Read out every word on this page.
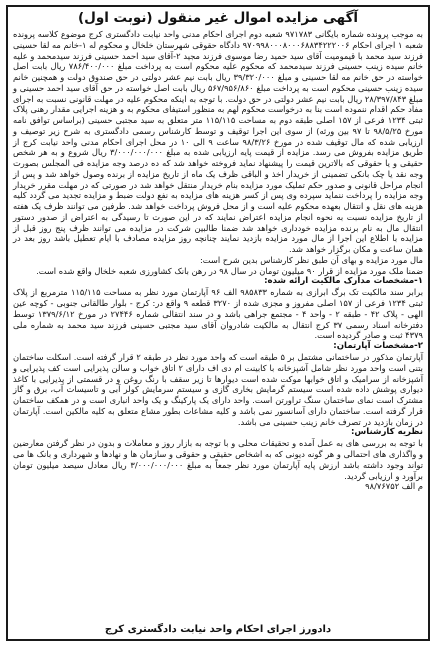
آگهی مزایده اموال غیر منقول (نوبت اول)

به موجب پرونده شماره بایگانی ۹۷۱۷۸۳ شعبه دوم اجرای احکام مدنی واحد نیابت دادگستری کرج موضوع کلاسه پرونده شعبه ۱ اجرای احکام ۹۷۰۹۹۸۰۰۰۸۰۰۰۶۸۸۳۴۲۲۲۰۰۶ دادگاه حقوقی شهرستان خلخال و محکوم له ۱-خانم مه لقا حسینی فرزند سید محمد با قیمومیت آقای سید حمید رضا موسوی فرزند مجید ۲-آقای سید احمد حسینی فرزند سیدمحمد و علیه خانم سیده زینب حسینی فرزند سیدمحمد که محکوم علیه محکوم است به پرداخت مبلغ ۷۸۶/۴۰۰/۰۰۰ ریال بابت اصل خواسته در حق خانم مه لقا حسینی و مبلغ ۳۹/۳۲۰/۰۰۰ ریال بابت نیم عشر دولتی در حق صندوق دولت و همچنین خانم سیده زینب حسینی محکوم است به پرداخت مبلغ ۵۶۷/۹۵۶/۸۶۰ ریال بابت اصل خواسته در حق آقای سید احمد حسینی و مبلغ ۲۸/۳۹۷/۸۴۳ ریال بابت نیم عشر دولتی در حق دولت. با توجه به اینکه محکوم علیه در مهلت قانونی نسبت به اجرای مفاد حکم اقدام ننموده است بنا به درخواست محکوم لهم به منظور استیفای محکوم به و هزینه اجرایی مقدار رهنی پلاک ثبتی ۱۲۳۴ فرعی از ۱۵۷ اصلی طبقه دوم به مساحت ۱۱۵/۱۱۵ متر متعلق به سید مجتبی حسینی (براساس توافق نامه مورخ ۹۸/۵/۲۵ تا ۹۷ بین ورثه) از سوی این اجرا توقیف و توسط کارشناس رسمی دادگستری به شرح زیر توصیف و ارزیابی شده که مال توقیف شده در مورخ ۹۸/۳/۲۶ ساعت ۹ الی ۱۰ در محل اجرای احکام مدنی واحد نیابت کرج از طریق مزایده بفروش می رسد. مزایده از قیمت پایه ارزیابی شده به مبلغ ۳/۰۰۰/۰۰۰/۰۰۰ ریال شروع و به هر شخص حقیقی و یا حقوقی که بالاترین قیمت را پیشنهاد نماید فروخته خواهد شد که ده درصد وجه مزایده فی المجلس بصورت وجه نقد یا چک بانکی تضمینی از خریدار اخذ و الباقی ظرف یک ماه از تاریخ مزایده از برنده وصول خواهد شد و پس از انجام مراحل قانونی و صدور حکم تملیک مورد مزایده بنام خریدار منتقل خواهد شد در صورتی که در مهلت مقرر خریدار وجه مزایده را پرداخت ننماید سپرده وی پس از کسر هزینه های مزایده به نفع دولت ضبط و مزایده تجدید می گردد کلیه هزینه های نقل و انتقال بعهده محکوم علیه است و از محل فروش پرداخت خواهد شد. طرفین می توانند ظرف یک هفته از تاریخ مزایده نسبت به نحوه انجام مزایده اعتراض نمایند که در این صورت تا رسیدگی به اعتراض از صدور دستور انتقال مال به نام برنده مزایده خودداری خواهد شد ضمنا طالبین شرکت در مزایده می توانند ظرف پنج روز قبل از مزایده با اطلاع این اجرا از مال مورد مزایده بازدید نمایند چنانچه روز مزایده مصادف با ایام تعطیل باشد روز بعد در همان ساعت و مکان برگزار خواهد شد.

مال مورد مزایده و بهای آن طبق نظر کارشناس بدین شرح است:

ضمنا ملک مورد مزایده از قرار ۹۰ میلیون تومان در سال ۹۸ در رهن بانک کشاورزی شعبه خلخال واقع شده است.

۱-مشخصات مدارک مالکیت ارائه شده:

برابر سند مالکیت تک برگ ابرازی به شماره ۹۸۵۸۳۳ الف ۹۶ آپارتمان مورد نظر به مساحت ۱۱۵/۱۱۵ مترمربع از پلاک ثبتی ۱۲۳۴ فرعی از ۱۵۷ اصلی مفروز و مجزی شده از ۳۲۷۰ قطعه ۹ واقع در: کرج - بلوار طالقانی جنوبی - کوچه عین الهی - پلاک ۴۲ - طبقه ۲ - واحد ۴ - مجتمع جراهی باشد و در سند انتقالی شماره ۲۷۴۴۶ در مورخ ۱۳۷۹/۶/۱۲ توسط دفترخانه اسناد رسمی ۳۷ کرج انتقال به مالکیت شادروان آقای سید مجتبی حسینی فرزند سید محمد به شماره ملی ۴۳۷۹ ثبت و صادر گردیده است.

۲-مشخصات آپارتمان:

آپارتمان مذکور در ساختمانی مشتمل بر ۵ طبقه است که واحد مورد نظر در طبقه ۲ قرار گرفته است. اسکلت ساختمان بتنی است واحد مورد نظر شامل آشپزخانه با کابینت ام دی اف دارای ۲ اتاق خواب و سالن پذیرایی است کف پذیرایی و آشپزخانه از سرامیک و اتاق خوابها موکت شده است دیوارها تا زیر سقف با رنگ روغن و در قسمتی از پذیرایی با کاغذ دیواری پوشش داده شده است سیستم گرمایش بخاری گازی و سیستم سرمایش کولر آبی و تاسیسات آب، برق و گاز مشترک است نمای ساختمان سنگ تراورتن است. واحد دارای یک پارکینگ و یک واحد انباری است و در همکف ساختمان قرار گرفته است. ساختمان دارای آسانسور نمی باشد و کلیه مشاعات بطور مشاع متعلق به کلیه مالکین است. آپارتمان در زمان بازدید در تصرف خانم زینب حسینی می باشد.

نظریه کارشناس:

با توجه به بررسی های به عمل آمده و تحقیقات محلی و با توجه به بازار روز و معاملات و بدون در نظر گرفتن معارضین و واگذاری های احتمالی و هر گونه دیونی که به اشخاص حقیقی و حقوقی و سازمان ها و نهادها و شهرداری و بانک ها می تواند وجود داشته باشد ارزش پایه آپارتمان مورد نظر جمعاً به مبلغ ۳/۰۰۰/۰۰۰/۰۰۰ ریال معادل سیصد میلیون تومان برآورد و ارزیابی گردید.

م الف ۹۸/۷۶۷۵۲

دادورز اجرای احکام واحد نیابت دادگستری کرج
